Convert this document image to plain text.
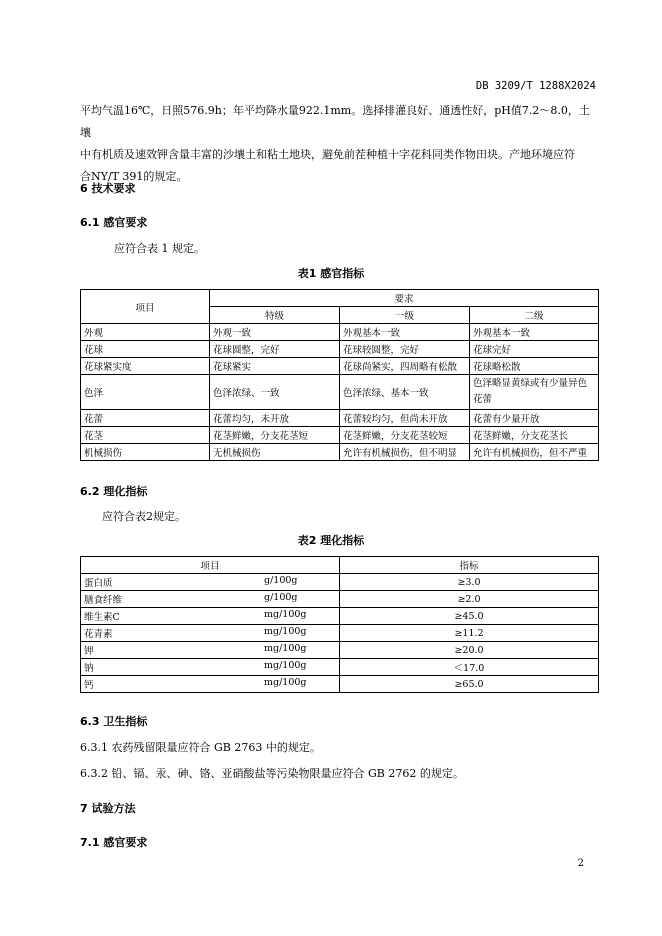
DB 3209/T 1288X2024
平均气温16℃，日照576.9h；年平均降水量922.1mm。选择排灌良好、通透性好，pH值7.2～8.0，土壤
中有机质及速效钾含量丰富的沙壤土和粘土地块，避免前茬种植十字花科同类作物田块。产地环境应符
合NY/T 391的规定。
6 技术要求
6.1 感官要求
应符合表 1 规定。
表1 感官指标
项目	要求		
	特级	一级	二级
外观	外观一致	外观基本一致	外观基本一致
花球	花球圆整，完好	花球较圆整，完好	花球完好
花球紧实度	花球紧实	花球尚紧实，四周略有松散	花球略松散
色泽	色泽浓绿、一致	色泽浓绿、基本一致	色泽略显黄绿或有少量异色花蕾
花蕾	花蕾均匀，未开放	花蕾较均匀，但尚未开放	花蕾有少量开放
花茎	花茎鲜嫩，分支花茎短	花茎鲜嫩，分支花茎较短	花茎鲜嫩，分支花茎长
机械损伤	无机械损伤	允许有机械损伤，但不明显	允许有机械损伤，但不严重
6.2 理化指标
应符合表2规定。
表2 理化指标
项目	指标
蛋白质 g/100g	≥3.0
膳食纤维 g/100g	≥2.0
维生素C mg/100g	≥45.0
花青素 mg/100g	≥11.2
钾 mg/100g	≥20.0
钠 mg/100g	＜17.0
钙 mg/100g	≥65.0
6.3 卫生指标
6.3.1 农药残留限量应符合 GB 2763 中的规定。
6.3.2 铅、镉、汞、砷、铬、亚硝酸盐等污染物限量应符合 GB 2762 的规定。
7 试验方法
7.1 感官要求
2
